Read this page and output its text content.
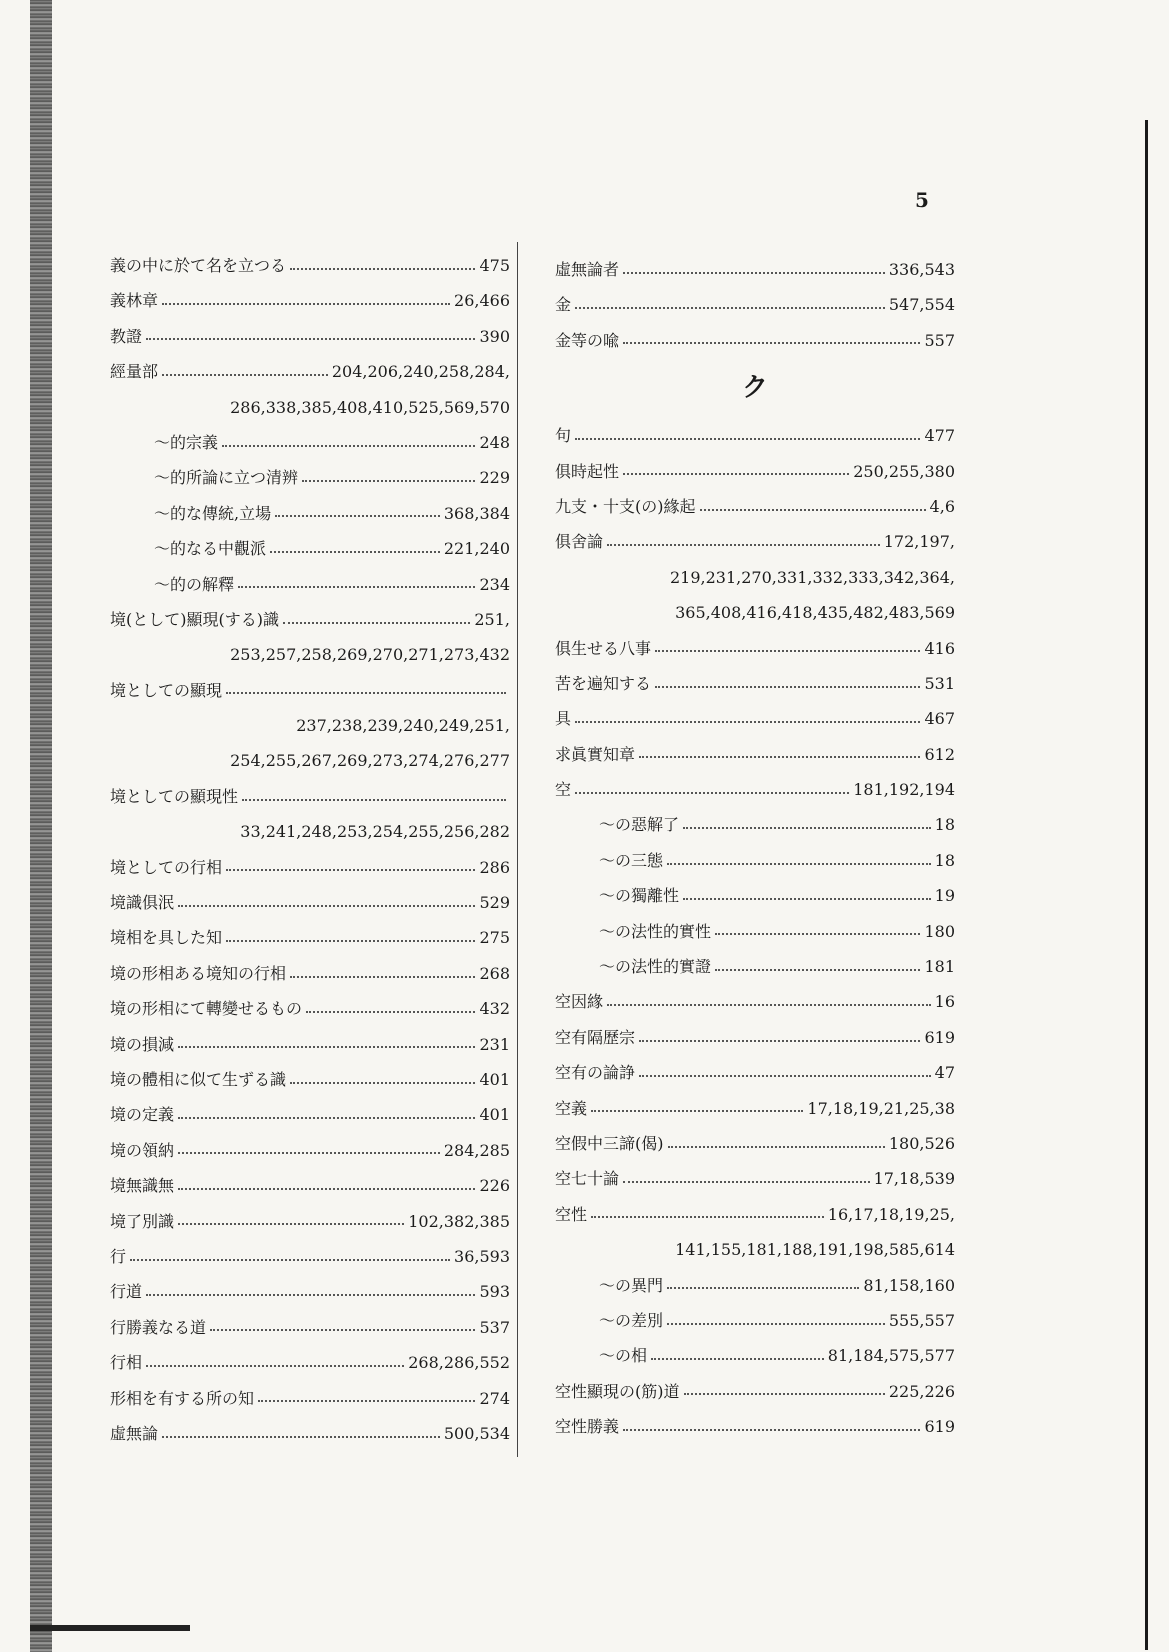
5
義の中に於て名を立つる	475
義林章	26,466
教證	390
經量部	204,206,240,258,284,
286,338,385,408,410,525,569,570
〜的宗義	248
〜的所論に立つ清辨	229
〜的な傳統,立場	368,384
〜的なる中觀派	221,240
〜的の解釋	234
境(として)顯現(する)識	251,
253,257,258,269,270,271,273,432
境としての顯現
237,238,239,240,249,251,
254,255,267,269,273,274,276,277
境としての顯現性
33,241,248,253,254,255,256,282
境としての行相	286
境識俱泯	529
境相を具した知	275
境の形相ある境知の行相	268
境の形相にて轉變せるもの	432
境の損減	231
境の體相に似て生ずる識	401
境の定義	401
境の領納	284,285
境無識無	226
境了別識	102,382,385
行	36,593
行道	593
行勝義なる道	537
行相	268,286,552
形相を有する所の知	274
虛無論	500,534
虛無論者	336,543
金	547,554
金等の喩	557
ク
句	477
俱時起性	250,255,380
九支・十支(の)緣起	4,6
俱舍論	172,197,
219,231,270,331,332,333,342,364,
365,408,416,418,435,482,483,569
俱生せる八事	416
苦を遍知する	531
具	467
求眞實知章	612
空	181,192,194
〜の惡解了	18
〜の三態	18
〜の獨離性	19
〜の法性的實性	180
〜の法性的實證	181
空因緣	16
空有隔歷宗	619
空有の論諍	47
空義	17,18,19,21,25,38
空假中三諦(偈)	180,526
空七十論	17,18,539
空性	16,17,18,19,25,
141,155,181,188,191,198,585,614
〜の異門	81,158,160
〜の差別	555,557
〜の相	81,184,575,577
空性顯現の(筋)道	225,226
空性勝義	619
